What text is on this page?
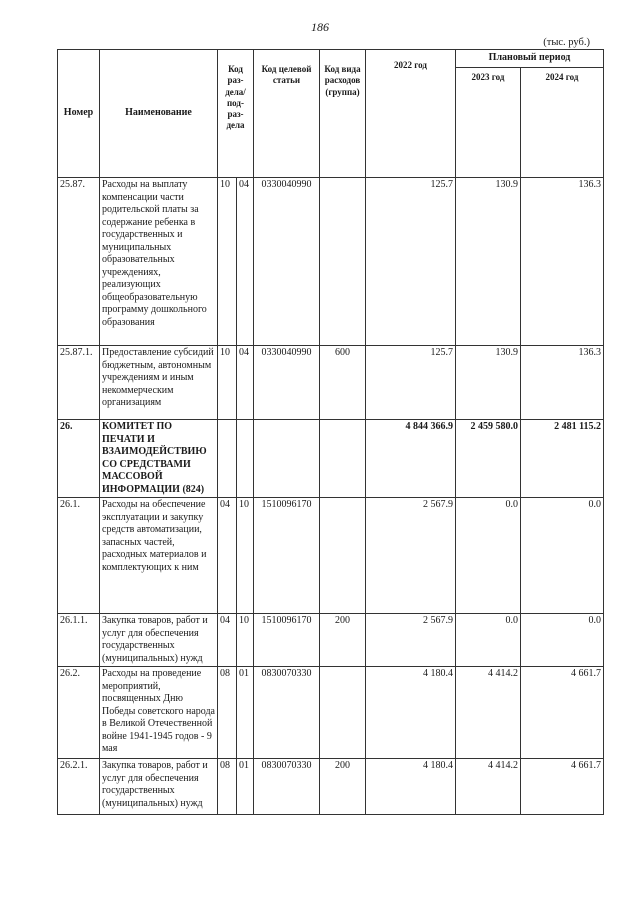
186
(тыс. руб.)
Номер	Наименование	Код раз-дела/ под-раз-дела		Код целевой статьи	Код вида расходов (группа)	2022 год	Плановый период	
							2023 год	2024 год
25.87.	Расходы на выплату компенсации части родительской платы за содержание ребенка в государственных и муниципальных образовательных учреждениях, реализующих общеобразовательную программу дошкольного образования	10	04	0330040990		125.7	130.9	136.3
25.87.1.	Предоставление субсидий бюджетным, автономным учреждениям и иным некоммерческим организациям	10	04	0330040990	600	125.7	130.9	136.3
26.	КОМИТЕТ ПО ПЕЧАТИ И ВЗАИМОДЕЙСТВИЮ СО СРЕДСТВАМИ МАССОВОЙ ИНФОРМАЦИИ (824)					4 844 366.9	2 459 580.0	2 481 115.2
26.1.	Расходы на обеспечение эксплуатации и закупку средств автоматизации, запасных частей, расходных материалов и комплектующих к ним	04	10	1510096170		2 567.9	0.0	0.0
26.1.1.	Закупка товаров, работ и услуг для обеспечения государственных (муниципальных) нужд	04	10	1510096170	200	2 567.9	0.0	0.0
26.2.	Расходы на проведение мероприятий, посвященных Дню Победы советского народа в Великой Отечественной войне 1941-1945 годов - 9 мая	08	01	0830070330		4 180.4	4 414.2	4 661.7
26.2.1.	Закупка товаров, работ и услуг для обеспечения государственных (муниципальных) нужд	08	01	0830070330	200	4 180.4	4 414.2	4 661.7
